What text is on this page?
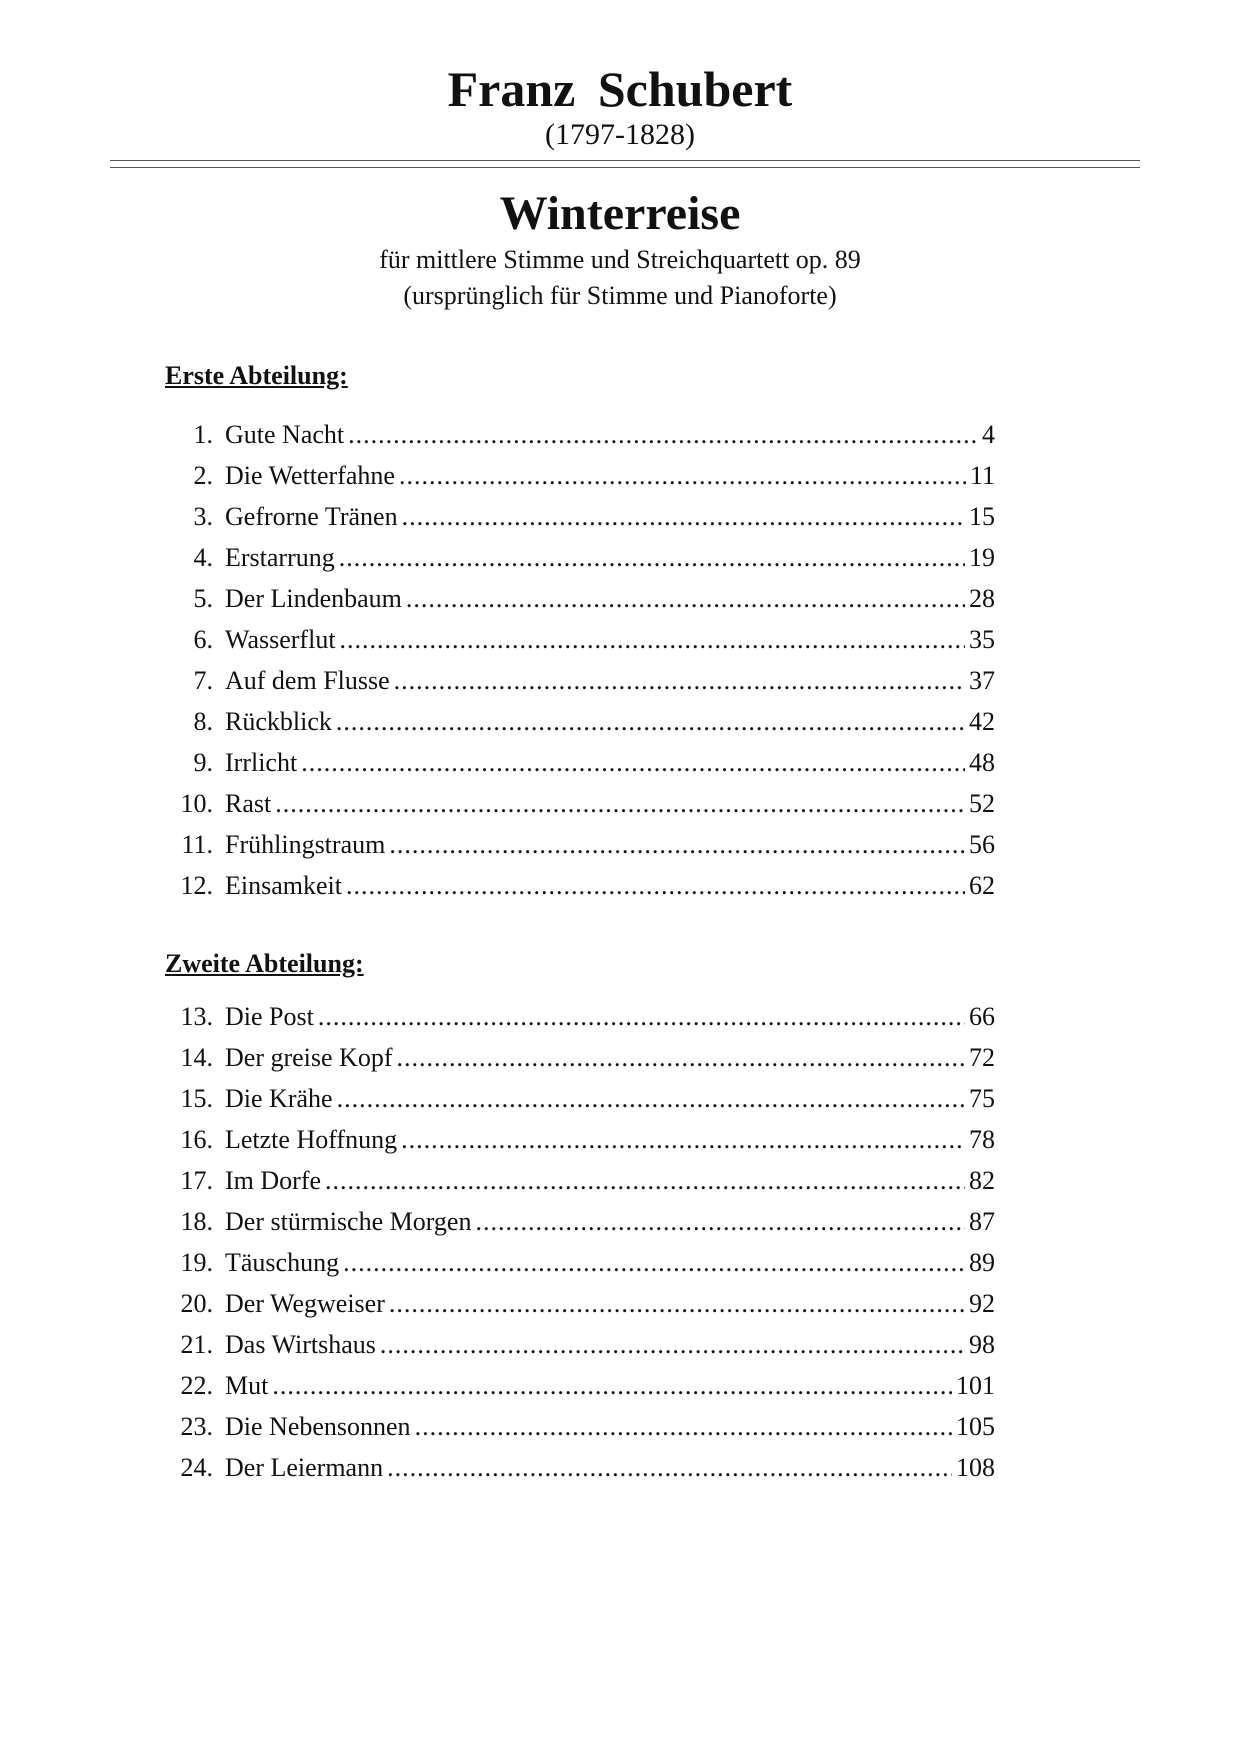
Franz Schubert
(1797-1828)
Winterreise
für mittlere Stimme und Streichquartett op. 89
(ursprünglich für Stimme und Pianoforte)
Erste Abteilung:
1. Gute Nacht .....	4
2. Die Wetterfahne .....	11
3. Gefrorne Tränen .....	15
4. Erstarrung .....	19
5. Der Lindenbaum .....	28
6. Wasserflut .....	35
7. Auf dem Flusse .....	37
8. Rückblick .....	42
9. Irrlicht .....	48
10. Rast .....	52
11. Frühlingstraum .....	56
12. Einsamkeit .....	62
Zweite Abteilung:
13. Die Post .....	66
14. Der greise Kopf .....	72
15. Die Krähe .....	75
16. Letzte Hoffnung .....	78
17. Im Dorfe .....	82
18. Der stürmische Morgen .....	87
19. Täuschung .....	89
20. Der Wegweiser .....	92
21. Das Wirtshaus .....	98
22. Mut .....	101
23. Die Nebensonnen .....	105
24. Der Leiermann .....	108
